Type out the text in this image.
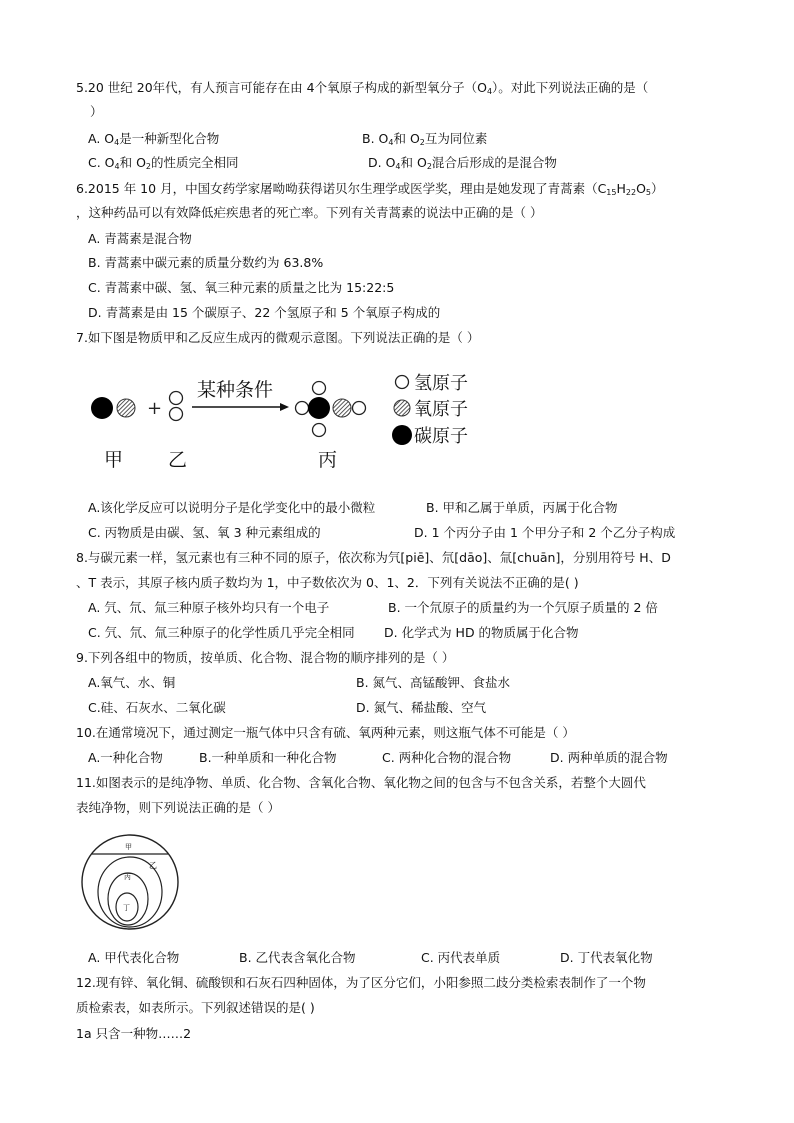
5.20 世纪 20年代，有人预言可能存在由 4个氧原子构成的新型氧分子$(O_4)$。对此下列说法正确的是（
）
A. $O_4$是一种新型化合物	B. $O_4$和 $O_2$互为同位素
C. $O_4$和 $O_2$的性质完全相同	D. $O_4$和 $O_2$混合后形成的是混合物
6.2015 年 10 月，中国女药学家屠呦呦获得诺贝尔生理学或医学奖，理由是她发现了青蒿素$(C_{15}H_{22}O_5)$
，这种药品可以有效降低疟疾患者的死亡率。下列有关青蒿素的说法中正确的是（ ）
A. 青蒿素是混合物
B. 青蒿素中碳元素的质量分数约为 63.8%
C. 青蒿素中碳、氢、氧三种元素的质量之比为 15:22:5
D. 青蒿素是由 15 个碳原子、22 个氢原子和 5 个氧原子构成的
7.如下图是物质甲和乙反应生成丙的微观示意图。下列说法正确的是（ ）
+
某种条件	氢原子
氧原子
碳原子
甲 乙	丙
A.该化学反应可以说明分子是化学变化中的最小微粒	B. 甲和乙属于单质，丙属于化合物
C. 丙物质是由碳、氢、氧 3 种元素组成的	D. 1 个丙分子由 1 个甲分子和 2 个乙分子构成
8.与碳元素一样，氢元素也有三种不同的原子，依次称为氕[piē]、氘[dāo]、氚[chuān]，分别用符号 H、D
、T 表示，其原子核内质子数均为 1，中子数依次为 0、1、2．下列有关说法不正确的是( )
A. 氕、氘、氚三种原子核外均只有一个电子	B. 一个氘原子的质量约为一个氕原子质量的 2 倍
C. 氕、氘、氚三种原子的化学性质几乎完全相同 D. 化学式为 HD 的物质属于化合物
9.下列各组中的物质，按单质、化合物、混合物的顺序排列的是（ ）
A.氧气、水、铜	B. 氮气、高锰酸钾、食盐水
C.硅、石灰水、二氧化碳	D. 氮气、稀盐酸、空气
10.在通常境况下，通过测定一瓶气体中只含有硫、氧两种元素，则这瓶气体不可能是（ ）
A.一种化合物	B.一种单质和一种化合物	C. 两种化合物的混合物	D. 两种单质的混合物
11.如图表示的是纯净物、单质、化合物、含氧化合物、氧化物之间的包含与不包含关系，若整个大圆代
表纯净物，则下列说法正确的是（ ）
甲
乙
丙
丁
A. 甲代表化合物	B. 乙代表含氧化合物	C. 丙代表单质	D. 丁代表氧化物
12.现有锌、氧化铜、硫酸钡和石灰石四种固体，为了区分它们，小阳参照二歧分类检索表制作了一个物
质检索表，如表所示。下列叙述错误的是( )
1a 只含一种物……2
